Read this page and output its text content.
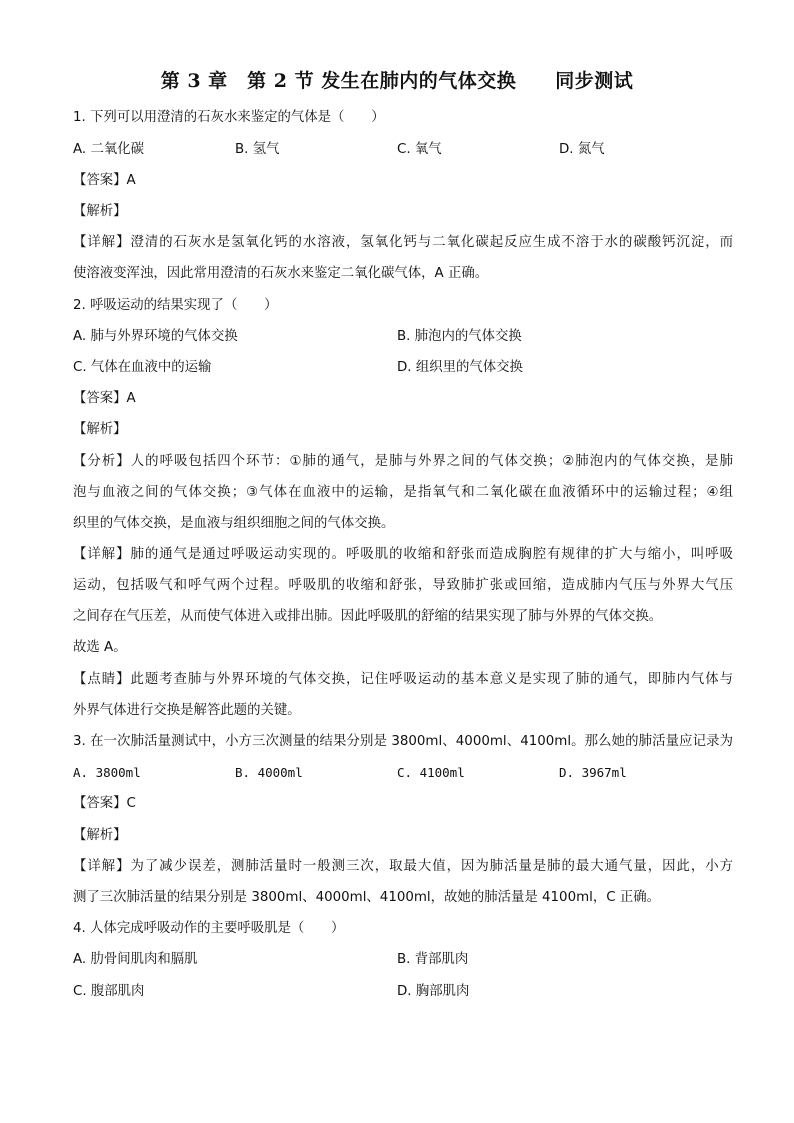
第 3 章　第 2 节 发生在肺内的气体交换　　同步测试
1. 下列可以用澄清的石灰水来鉴定的气体是（　　）
A. 二氧化碳	B. 氢气	C. 氧气	D. 氮气
【答案】A
【解析】
【详解】澄清的石灰水是氢氧化钙的水溶液，氢氧化钙与二氧化碳起反应生成不溶于水的碳酸钙沉淀，而
使溶液变浑浊，因此常用澄清的石灰水来鉴定二氧化碳气体，A 正确。
2. 呼吸运动的结果实现了（　　）
A. 肺与外界环境的气体交换	B. 肺泡内的气体交换
C. 气体在血液中的运输	D. 组织里的气体交换
【答案】A
【解析】
【分析】人的呼吸包括四个环节：①肺的通气，是肺与外界之间的气体交换；②肺泡内的气体交换，是肺
泡与血液之间的气体交换；③气体在血液中的运输，是指氧气和二氧化碳在血液循环中的运输过程；④组
织里的气体交换，是血液与组织细胞之间的气体交换。
【详解】肺的通气是通过呼吸运动实现的。呼吸肌的收缩和舒张而造成胸腔有规律的扩大与缩小，叫呼吸
运动，包括吸气和呼气两个过程。呼吸肌的收缩和舒张，导致肺扩张或回缩，造成肺内气压与外界大气压
之间存在气压差，从而使气体进入或排出肺。因此呼吸肌的舒缩的结果实现了肺与外界的气体交换。
故选 A。
【点睛】此题考查肺与外界环境的气体交换，记住呼吸运动的基本意义是实现了肺的通气，即肺内气体与
外界气体进行交换是解答此题的关键。
3. 在一次肺活量测试中，小方三次测量的结果分别是 3800ml、4000ml、4100ml。那么她的肺活量应记录为
A. 3800ml	B. 4000ml	C. 4100ml	D. 3967ml
【答案】C
【解析】
【详解】为了减少误差，测肺活量时一般测三次，取最大值，因为肺活量是肺的最大通气量，因此，小方
测了三次肺活量的结果分别是 3800ml、4000ml、4100ml，故她的肺活量是 4100ml，C 正确。
4. 人体完成呼吸动作的主要呼吸肌是（　　）
A. 肋骨间肌肉和膈肌	B. 背部肌肉
C. 腹部肌肉	D. 胸部肌肉
